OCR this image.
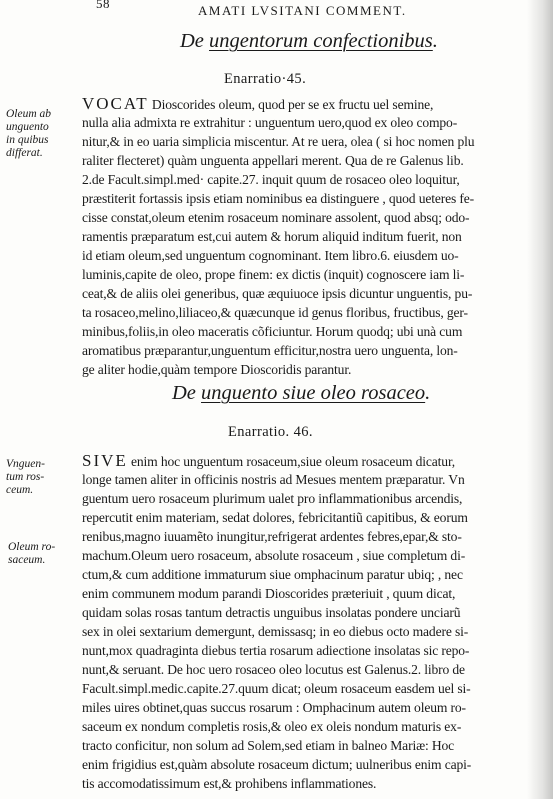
58	AMATI LVSITANI COMMENT.
De ungentorum confectionibus.
Enarratio·45.
Oleum ab
unguento
in quibus
differat.
VOCAT Dioscorides oleum, quod per se ex fructu uel semine,
nulla alia admixta re extrahitur : unguentum uero,quod ex oleo compo-
nitur,& in eo uaria simplicia miscentur. At re uera, olea ( si hoc nomen plu
raliter flecteret) quàm unguenta appellari merent. Qua de re Galenus lib.
2.de Facult.simpl.med· capite.27. inquit quum de rosaceo oleo loquitur,
præstiterit fortassis ipsis etiam nominibus ea distinguere , quod ueteres fe-
cisse constat,oleum etenim rosaceum nominare assolent, quod absq; odo-
ramentis præparatum est,cui autem & horum aliquid inditum fuerit, non
id etiam oleum,sed unguentum cognominant. Item libro.6. eiusdem uo-
luminis,capite de oleo, prope finem: ex dictis (inquit) cognoscere iam li-
ceat,& de aliis olei generibus, quæ æquiuoce ipsis dicuntur unguentis, pu-
ta rosaceo,melino,liliaceo,& quæcunque id genus floribus, fructibus, ger-
minibus,foliis,in oleo maceratis cõficiuntur. Horum quodq; ubi unà cum
aromatibus præparantur,unguentum efficitur,nostra uero unguenta, lon-
ge aliter hodie,quàm tempore Dioscoridis parantur.
De unguento siue oleo rosaceo.
Enarratio. 46.
Vnguen-
tum ros-
ceum.
Oleum ro-
saceum.
SIVE enim hoc unguentum rosaceum,siue oleum rosaceum dicatur,
longe tamen aliter in officinis nostris ad Mesues mentem præparatur. Vn
guentum uero rosaceum plurimum ualet pro inflammationibus arcendis,
repercutit enim materiam, sedat dolores, febricitantiũ capitibus, & eorum
renibus,magno iuuamẽto inungitur,refrigerat ardentes febres,epar,& sto-
machum.Oleum uero rosaceum, absolute rosaceum , siue completum di-
ctum,& cum additione immaturum siue omphacinum paratur ubiq; , nec
enim communem modum parandi Dioscorides præteriuit , quum dicat,
quidam solas rosas tantum detractis unguibus insolatas pondere unciarũ
sex in olei sextarium demergunt, demissasq; in eo diebus octo madere si-
nunt,mox quadraginta diebus tertia rosarum adiectione insolatas sic repo-
nunt,& seruant. De hoc uero rosaceo oleo locutus est Galenus.2. libro de
Facult.simpl.medic.capite.27.quum dicat; oleum rosaceum easdem uel si-
miles uires obtinet,quas succus rosarum : Omphacinum autem oleum ro-
saceum ex nondum completis rosis,& oleo ex oleis nondum maturis ex-
tracto conficitur, non solum ad Solem,sed etiam in balneo Mariæ: Hoc
enim frigidius est,quàm absolute rosaceum dictum; uulneribus enim capi-
tis accomodatissimum est,& prohibens inflammationes.
